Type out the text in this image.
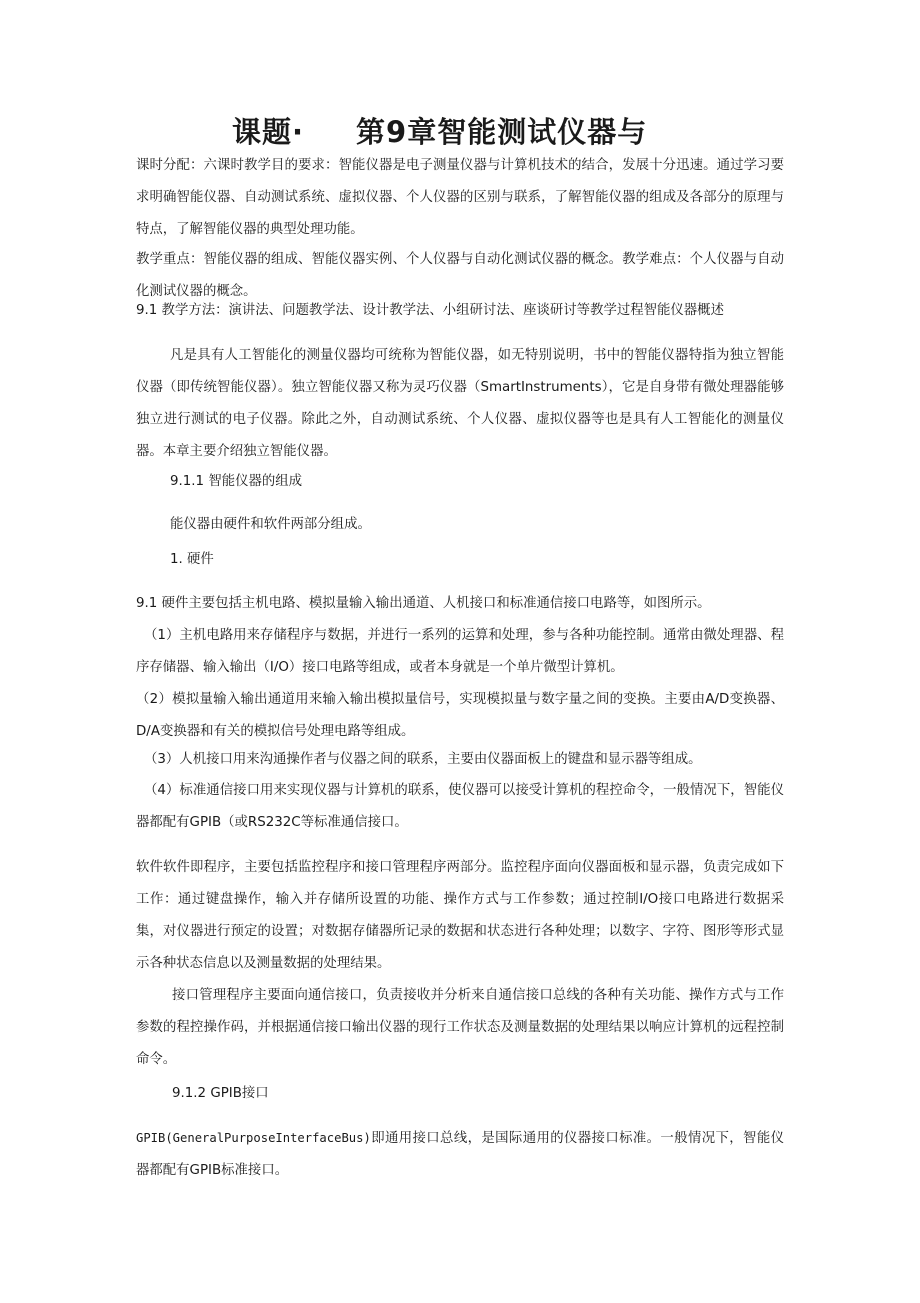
课题· 第9章智能测试仪器与
课时分配：六课时教学目的要求：智能仪器是电子测量仪器与计算机技术的结合，发展十分迅速。通过学习要求明确智能仪器、自动测试系统、虚拟仪器、个人仪器的区别与联系，了解智能仪器的组成及各部分的原理与特点，了解智能仪器的典型处理功能。
教学重点：智能仪器的组成、智能仪器实例、个人仪器与自动化测试仪器的概念。教学难点：个人仪器与自动化测试仪器的概念。
9.1 教学方法：演讲法、问题教学法、设计教学法、小组研讨法、座谈研讨等教学过程智能仪器概述
凡是具有人工智能化的测量仪器均可统称为智能仪器，如无特别说明，书中的智能仪器特指为独立智能仪器（即传统智能仪器）。独立智能仪器又称为灵巧仪器（SmartInstruments），它是自身带有微处理器能够独立进行测试的电子仪器。除此之外，自动测试系统、个人仪器、虚拟仪器等也是具有人工智能化的测量仪器。本章主要介绍独立智能仪器。
9.1.1 智能仪器的组成
能仪器由硬件和软件两部分组成。
1. 硬件
9.1 硬件主要包括主机电路、模拟量输入输出通道、人机接口和标准通信接口电路等，如图所示。
（1）主机电路用来存储程序与数据，并进行一系列的运算和处理，参与各种功能控制。通常由微处理器、程序存储器、输入输出（I/O）接口电路等组成，或者本身就是一个单片微型计算机。
（2）模拟量输入输出通道用来输入输出模拟量信号，实现模拟量与数字量之间的变换。主要由A/D变换器、D/A变换器和有关的模拟信号处理电路等组成。
（3）人机接口用来沟通操作者与仪器之间的联系，主要由仪器面板上的键盘和显示器等组成。
（4）标准通信接口用来实现仪器与计算机的联系，使仪器可以接受计算机的程控命令，一般情况下，智能仪器都配有GPIB（或RS232C等标准通信接口。
软件软件即程序，主要包括监控程序和接口管理程序两部分。监控程序面向仪器面板和显示器，负责完成如下工作：通过键盘操作，输入并存储所设置的功能、操作方式与工作参数；通过控制I/O接口电路进行数据采集，对仪器进行预定的设置；对数据存储器所记录的数据和状态进行各种处理；以数字、字符、图形等形式显示各种状态信息以及测量数据的处理结果。
接口管理程序主要面向通信接口，负责接收并分析来自通信接口总线的各种有关功能、操作方式与工作参数的程控操作码，并根据通信接口输出仪器的现行工作状态及测量数据的处理结果以响应计算机的远程控制命令。
9.1.2 GPIB接口
GPIB(GeneralPurposeInterfaceBus)即通用接口总线，是国际通用的仪器接口标准。一般情况下，智能仪器都配有GPIB标准接口。
